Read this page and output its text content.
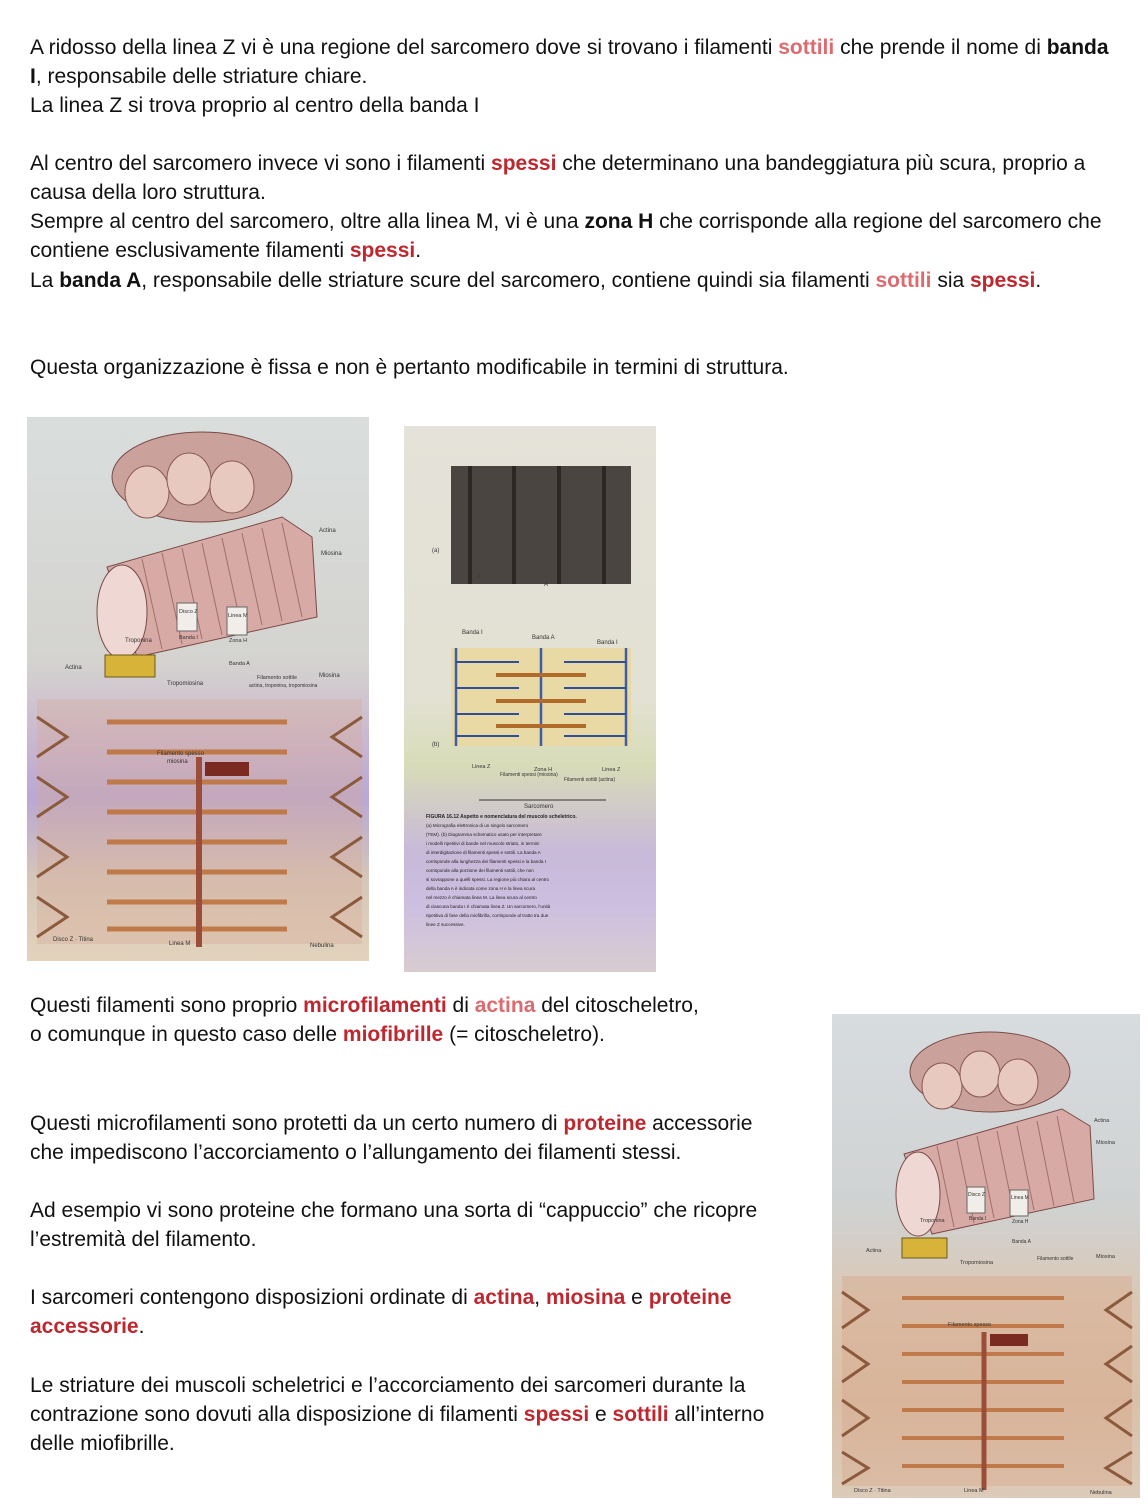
A ridosso della linea Z vi è una regione del sarcomero dove si trovano i filamenti sottili che prende il nome di banda I, responsabile delle striature chiare.

La linea Z si trova proprio al centro della banda I

Al centro del sarcomero invece vi sono i filamenti spessi che determinano una bandeggiatura più scura, proprio a causa della loro struttura.

Sempre al centro del sarcomero, oltre alla linea M, vi è una zona H che corrisponde alla regione del sarcomero che contiene esclusivamente filamenti spessi.

La banda A, responsabile delle striature scure del sarcomero, contiene quindi sia filamenti sottili sia spessi.

Questa organizzazione è fissa e non è pertanto modificabile in termini di struttura.

Actina
Miosina
Disco Z
Banda I
Linea M
Zona H
Banda A
Troponina
Actina
Tropomiosina
Filamento sottile
actina, troponina, tropomiosina
Miosina
Filamento spesso
miosina
Disco Z · Titina
Linea M	Nebulina
(a)
I
A
Banda I
Banda A
Banda I
(b)
Linea Z
Filamenti spessi (miosina)
Zona H
Filamenti sottili (actina)
Linea Z
Sarcomero
FIGURA 16.12 Aspetto e nomenclatura del muscolo scheletrico.
(a) Micrografia elettronica di un singolo sarcomero
(TEM). (b) Diagramma schematico usato per interpretare
i modelli ripetitivi di bande nel muscolo striato, in termini
di interdigitazione di filamenti spessi e sottili. La banda A
corrisponde alla lunghezza dei filamenti spessi e la banda I
corrisponde alla porzione dei filamenti sottili, che non
si sovrappone a quelli spessi. La regione più chiara al centro
della banda A è indicata come zona H e la linea scura
nel mezzo è chiamata linea M. La linea scura al centro
di ciascuna banda I è chiamata linea Z. Un sarcomero, l’unità
ripetitiva di fase della miofibrilla, corrisponde al tratto tra due
linee Z successive.

Questi filamenti sono proprio microfilamenti di actina del citoscheletro, o comunque in questo caso delle miofibrille (= citoscheletro).

Questi microfilamenti sono protetti da un certo numero di proteine accessorie che impediscono l’accorciamento o l’allungamento dei filamenti stessi.

Ad esempio vi sono proteine che formano una sorta di “cappuccio” che ricopre l’estremità del filamento.

I sarcomeri contengono disposizioni ordinate di actina, miosina e proteine accessorie.

Le striature dei muscoli scheletrici e l’accorciamento dei sarcomeri durante la contrazione sono dovuti alla disposizione di filamenti spessi e sottili all’interno delle miofibrille.

Actina
Miosina
Disco Z
Banda I
Linea M
Zona H
Banda A
Troponina
Actina
Tropomiosina
Filamento sottile	Miosina
Filamento spesso
Disco Z · Titina	Linea M	Nebulina
